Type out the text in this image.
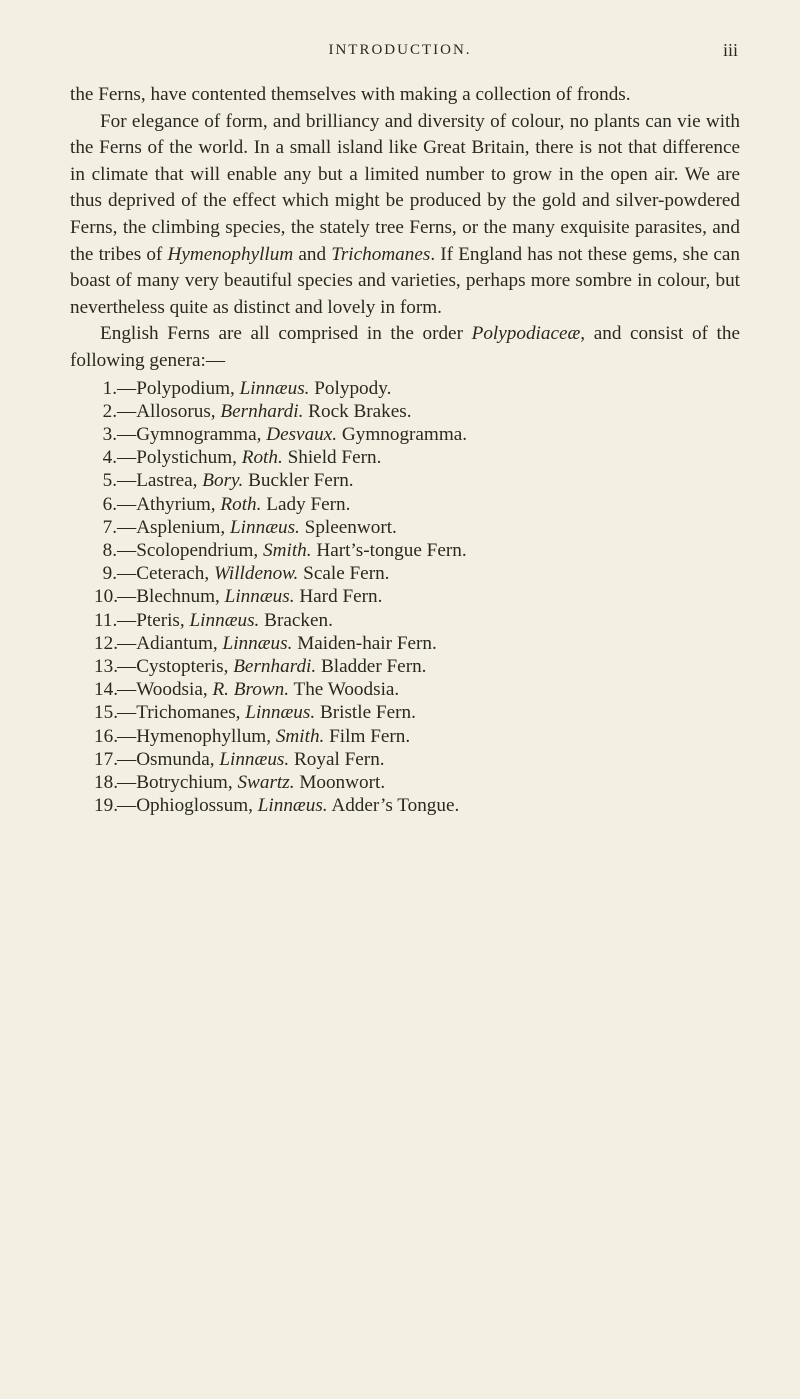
INTRODUCTION.	iii

the Ferns, have contented themselves with making a collection of fronds.

For elegance of form, and brilliancy and diversity of colour, no plants can vie with the Ferns of the world. In a small island like Great Britain, there is not that difference in climate that will enable any but a limited number to grow in the open air. We are thus deprived of the effect which might be produced by the gold and silver-powdered Ferns, the climbing species, the stately tree Ferns, or the many exquisite parasites, and the tribes of Hymenophyllum and Trichomanes. If England has not these gems, she can boast of many very beautiful species and varieties, perhaps more sombre in colour, but nevertheless quite as distinct and lovely in form.

English Ferns are all comprised in the order Polypodiaceæ, and consist of the following genera:—

1.—Polypodium, Linnæus. Polypody.
2.—Allosorus, Bernhardi. Rock Brakes.
3.—Gymnogramma, Desvaux. Gymnogramma.
4.—Polystichum, Roth. Shield Fern.
5.—Lastrea, Bory. Buckler Fern.
6.—Athyrium, Roth. Lady Fern.
7.—Asplenium, Linnæus. Spleenwort.
8.—Scolopendrium, Smith. Hart’s-tongue Fern.
9.—Ceterach, Willdenow. Scale Fern.
10.—Blechnum, Linnæus. Hard Fern.
11.—Pteris, Linnæus. Bracken.
12.—Adiantum, Linnæus. Maiden-hair Fern.
13.—Cystopteris, Bernhardi. Bladder Fern.
14.—Woodsia, R. Brown. The Woodsia.
15.—Trichomanes, Linnæus. Bristle Fern.
16.—Hymenophyllum, Smith. Film Fern.
17.—Osmunda, Linnæus. Royal Fern.
18.—Botrychium, Swartz. Moonwort.
19.—Ophioglossum, Linnæus. Adder’s Tongue.
